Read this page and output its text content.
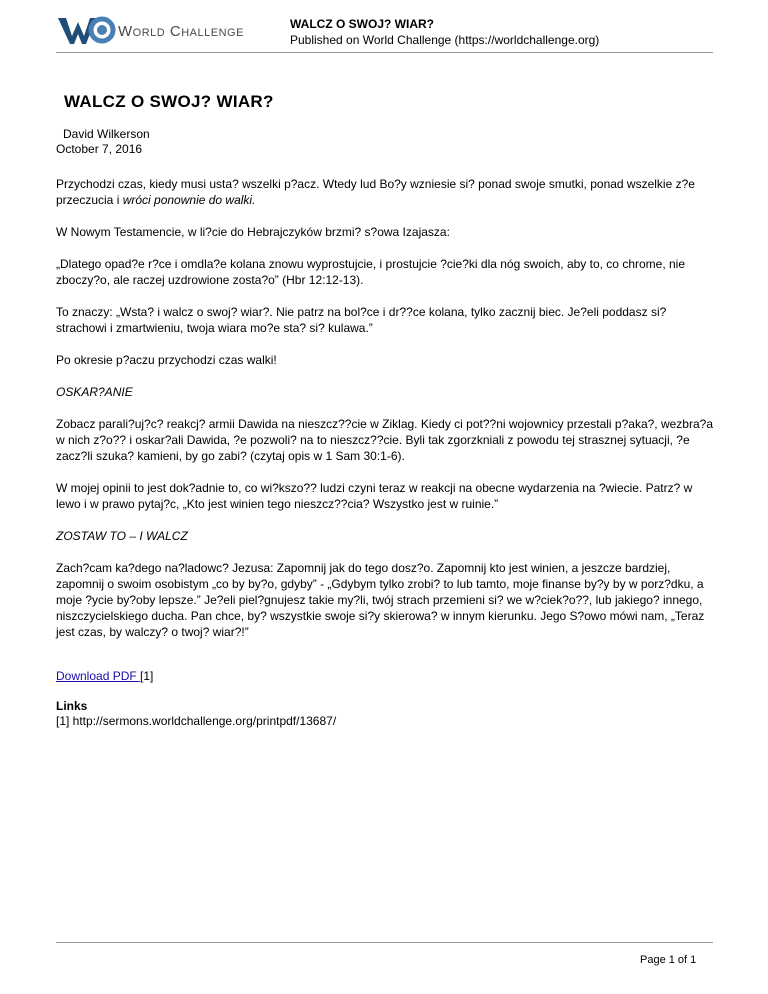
World Challenge	WALCZ O SWOJ? WIAR?
Published on World Challenge (https://worldchallenge.org)
WALCZ O SWOJ? WIAR?
David Wilkerson
October 7, 2016

Przychodzi czas, kiedy musi usta? wszelki p?acz. Wtedy lud Bo?y wzniesie si? ponad swoje smutki, ponad wszelkie z?e przeczucia i wróci ponownie do walki.

W Nowym Testamencie, w li?cie do Hebrajczyków brzmi? s?owa Izajasza:

„Dlatego opad?e r?ce i omdla?e kolana znowu wyprostujcie, i prostujcie ?cie?ki dla nóg swoich, aby to, co chrome, nie zboczy?o, ale raczej uzdrowione zosta?o” (Hbr 12:12-13).

To znaczy: „Wsta? i walcz o swoj? wiar?. Nie patrz na bol?ce i dr??ce kolana, tylko zacznij biec. Je?eli poddasz si? strachowi i zmartwieniu, twoja wiara mo?e sta? si? kulawa.”

Po okresie p?aczu przychodzi czas walki!

OSKAR?ANIE

Zobacz parali?uj?c? reakcj? armii Dawida na nieszcz??cie w Ziklag. Kiedy ci pot??ni wojownicy przestali p?aka?, wezbra?a w nich z?o?? i oskar?ali Dawida, ?e pozwoli? na to nieszcz??cie. Byli tak zgorzkniali z powodu tej strasznej sytuacji, ?e zacz?li szuka? kamieni, by go zabi? (czytaj opis w 1 Sam 30:1-6).

W mojej opinii to jest dok?adnie to, co wi?kszo?? ludzi czyni teraz w reakcji na obecne wydarzenia na ?wiecie. Patrz? w lewo i w prawo pytaj?c, „Kto jest winien tego nieszcz??cia? Wszystko jest w ruinie.”

ZOSTAW TO – I WALCZ

Zach?cam ka?dego na?ladowc? Jezusa: Zapomnij jak do tego dosz?o. Zapomnij kto jest winien, a jeszcze bardziej, zapomnij o swoim osobistym „co by by?o, gdyby” - „Gdybym tylko zrobi? to lub tamto, moje finanse by?y by w porz?dku, a moje ?ycie by?oby lepsze.” Je?eli piel?gnujesz takie my?li, twój strach przemieni si? we w?ciek?o??, lub jakiego? innego, niszczycielskiego ducha. Pan chce, by? wszystkie swoje si?y skierowa? w innym kierunku. Jego S?owo mówi nam, „Teraz jest czas, by walczy? o twoj? wiar?!”

Download PDF [1]
Links
[1] http://sermons.worldchallenge.org/printpdf/13687/
Page 1 of 1
